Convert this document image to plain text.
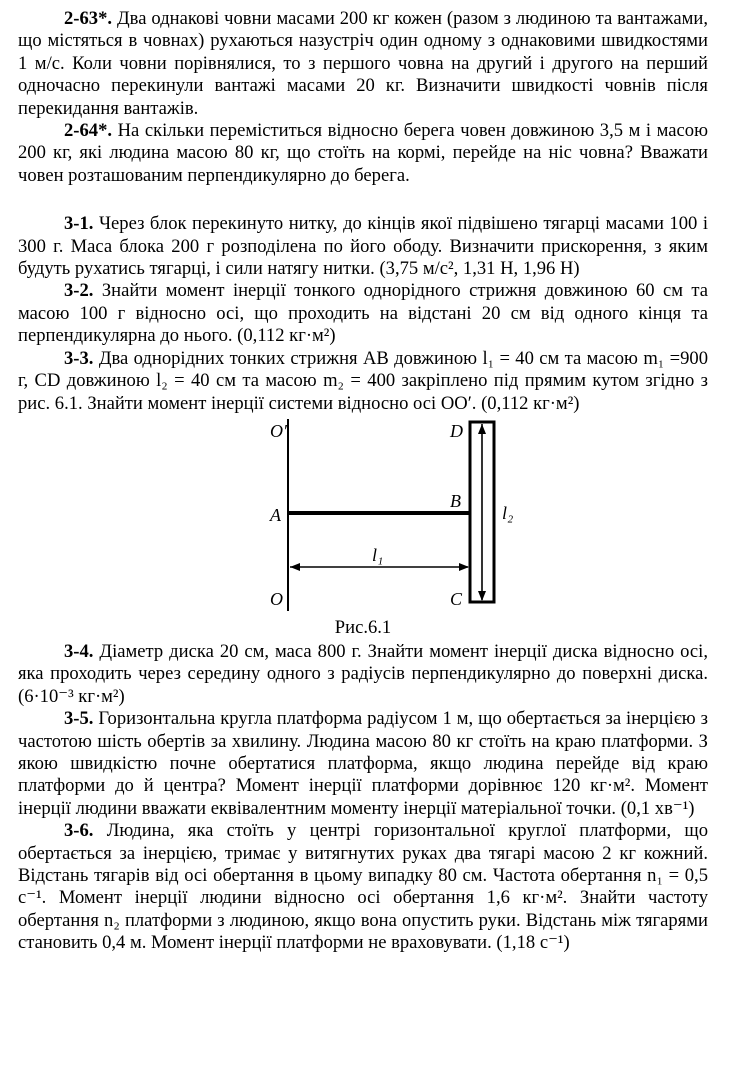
2-63*. Два однакові човни масами 200 кг кожен (разом з людиною та вантажами, що містяться в човнах) рухаються назустріч один одному з однаковими швидкостями 1 м/с. Коли човни порівнялися, то з першого човна на другий і другого на перший одночасно перекинули вантажі масами 20 кг. Визначити швидкості човнів після перекидання вантажів.

2-64*. На скільки переміститься відносно берега човен довжиною 3,5 м і масою 200 кг, які людина масою 80 кг, що стоїть на кормі, перейде на ніс човна? Вважати човен розташованим перпендикулярно до берега.

3-1. Через блок перекинуто нитку, до кінців якої підвішено тягарці масами 100 і 300 г. Маса блока 200 г розподілена по його ободу. Визначити прискорення, з яким будуть рухатись тягарці, і сили натягу нитки. (3,75 м/с², 1,31 Н, 1,96 Н)

3-2. Знайти момент інерції тонкого однорідного стрижня довжиною 60 см та масою 100 г відносно осі, що проходить на відстані 20 см від одного кінця та перпендикулярна до нього. (0,112 кг·м²)

3-3. Два однорідних тонких стрижня АВ довжиною l₁ = 40 см та масою m₁ =900 г, CD довжиною l₂ = 40 см та масою m₂ = 400 закріплено під прямим кутом згідно з рис. 6.1. Знайти момент інерції системи відносно осі OO′. (0,112 кг·м²)

O′
A
O
D
B
C
l₁
l₂
Рис.6.1

3-4. Діаметр диска 20 см, маса 800 г. Знайти момент інерції диска відносно осі, яка проходить через середину одного з радіусів перпендикулярно до поверхні диска. (6·10⁻³ кг·м²)

3-5. Горизонтальна кругла платформа радіусом 1 м, що обертається за інерцією з частотою шість обертів за хвилину. Людина масою 80 кг стоїть на краю платформи. З якою швидкістю почне обертатися платформа, якщо людина перейде від краю платформи до й центра? Момент інерції платформи дорівнює 120 кг·м². Момент інерції людини вважати еквівалентним моменту інерції матеріальної точки. (0,1 хв⁻¹)

3-6. Людина, яка стоїть у центрі горизонтальної круглої платформи, що обертається за інерцією, тримає у витягнутих руках два тягарі масою 2 кг кожний. Відстань тягарів від осі обертання в цьому випадку 80 см. Частота обертання n₁ = 0,5 с⁻¹. Момент інерції людини відносно осі обертання 1,6 кг·м². Знайти частоту обертання n₂ платформи з людиною, якщо вона опустить руки. Відстань між тягарями становить 0,4 м. Момент інерції платформи не враховувати. (1,18 с⁻¹)
